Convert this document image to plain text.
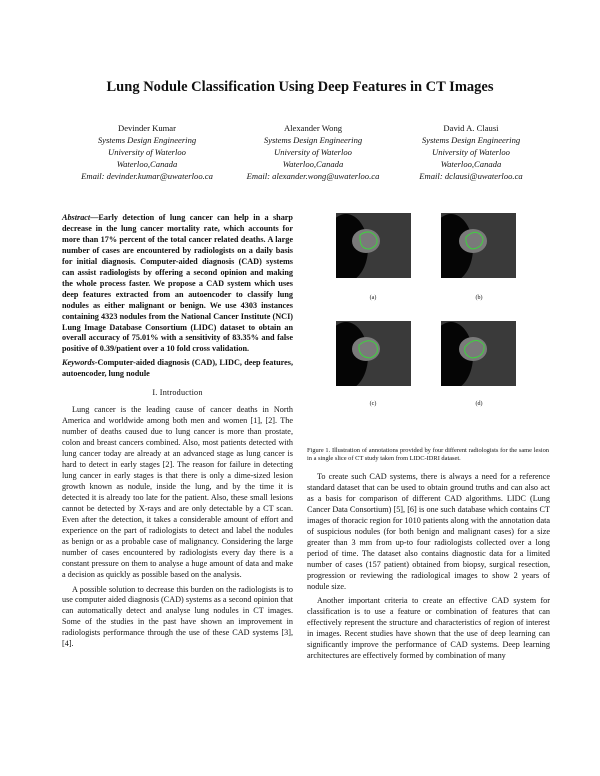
Lung Nodule Classification Using Deep Features in CT Images
Devinder Kumar
Systems Design Engineering
University of Waterloo
Waterloo,Canada
Email: devinder.kumar@uwaterloo.ca
Alexander Wong
Systems Design Engineering
University of Waterloo
Waterloo,Canada
Email: alexander.wong@uwaterloo.ca
David A. Clausi
Systems Design Engineering
University of Waterloo
Waterloo,Canada
Email: dclausi@uwaterloo.ca
Abstract—Early detection of lung cancer can help in a sharp decrease in the lung cancer mortality rate, which accounts for more than 17% percent of the total cancer related deaths. A large number of cases are encountered by radiologists on a daily basis for initial diagnosis. Computer-aided diagnosis (CAD) systems can assist radiologists by offering a second opinion and making the whole process faster. We propose a CAD system which uses deep features extracted from an autoencoder to classify lung nodules as either malignant or benign. We use 4303 instances containing 4323 nodules from the National Cancer Institute (NCI) Lung Image Database Consortium (LIDC) dataset to obtain an overall accuracy of 75.01% with a sensitivity of 83.35% and false positive of 0.39/patient over a 10 fold cross validation.
Keywords-Computer-aided diagnosis (CAD), LIDC, deep features, autoencoder, lung nodule
I. Introduction

Lung cancer is the leading cause of cancer deaths in North America and worldwide among both men and women [1], [2]. The number of deaths caused due to lung cancer is more than prostate, colon and breast cancers combined. Also, most patients detected with lung cancer today are already at an advanced stage as lung cancer is hard to detect in early stages [2]. The reason for failure in detecting lung cancer in early stages is that there is only a dime-sized lesion growth known as nodule, inside the lung, and by the time it is detected it is already too late for the patient. Also, these small lesions cannot be detected by X-rays and are only detectable by a CT scan. Even after the detection, it takes a considerable amount of effort and experience on the part of radiologists to detect and label the nodules as benign or as a probable case of malignancy. Considering the large number of cases encountered by radiologists every day there is a constant pressure on them to analyse a huge amount of data and make a decision as quickly as possible based on the analysis.

A possible solution to decrease this burden on the radiologists is to use computer aided diagnosis (CAD) systems as a second opinion that can automatically detect and analyse lung nodules in CT images. Some of the studies in the past have shown an improvement in radiologists performance through the use of these CAD systems [3], [4].

(a)	(b)
(c)	(d)
Figure 1. Illustration of annotations provided by four different radiologists for the same lesion in a single slice of CT study taken from LIDC-IDRI dataset.

To create such CAD systems, there is always a need for a reference standard dataset that can be used to obtain ground truths and can also act as a basis for comparison of different CAD algorithms. LIDC (Lung Cancer Data Consortium) [5], [6] is one such database which contains CT images of thoracic region for 1010 patients along with the annotation data of suspicious nodules (for both benign and malignant cases) for a size greater than 3 mm from up-to four radiologists collected over a long period of time. The dataset also contains diagnostic data for a limited number of cases (157 patient) obtained from biopsy, surgical resection, progression or reviewing the radiological images to show 2 years of nodule size.

Another important criteria to create an effective CAD system for classification is to use a feature or combination of features that can effectively represent the structure and characteristics of region of interest in images. Recent studies have shown that the use of deep learning can significantly improve the performance of CAD systems. Deep learning architectures are effectively formed by combination of many
